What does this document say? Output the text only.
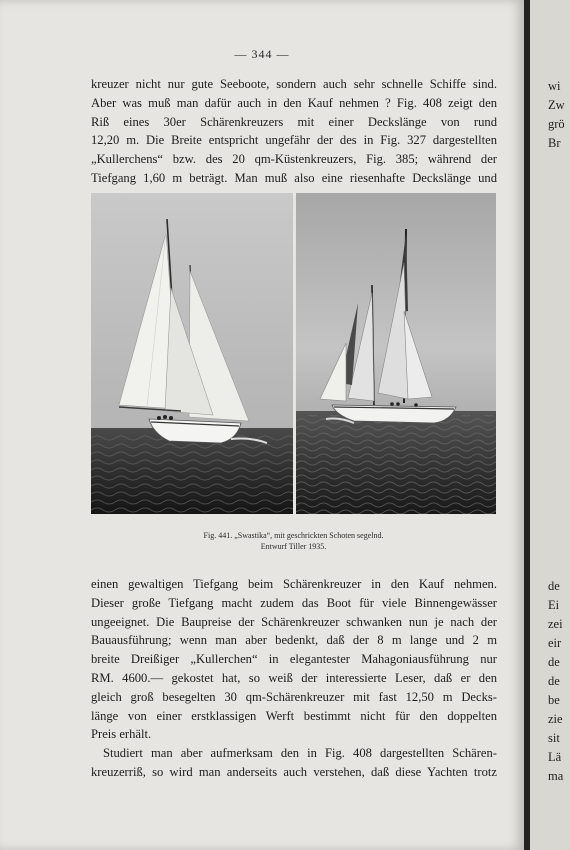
— 344 —
kreuzer nicht nur gute Seeboote, sondern auch sehr schnelle Schiffe sind.
Aber was muß man dafür auch in den Kauf nehmen ? Fig. 408 zeigt den
Riß eines 30er Schärenkreuzers mit einer Deckslänge von rund
12,20 m. Die Breite entspricht ungefähr der des in Fig. 327 dargestellten
„Kullerchens“ bzw. des 20 qm-Küstenkreuzers, Fig. 385; während der
Tiefgang 1,60 m beträgt. Man muß also eine riesenhafte Deckslänge und
Fig. 441. „Swastika“, mit geschrickten Schoten segelnd.
Entwurf Tiller 1935.
einen gewaltigen Tiefgang beim Schärenkreuzer in den Kauf nehmen.
Dieser große Tiefgang macht zudem das Boot für viele Binnengewässer
ungeeignet. Die Baupreise der Schärenkreuzer schwanken nun je nach der
Bauausführung; wenn man aber bedenkt, daß der 8 m lange und 2 m
breite Dreißiger „Kullerchen“ in elegantester Mahagoniausführung nur
RM. 4600.— gekostet hat, so weiß der interessierte Leser, daß er den
gleich groß besegelten 30 qm-Schärenkreuzer mit fast 12,50 m Decks-
länge von einer erstklassigen Werft bestimmt nicht für den doppelten
Preis erhält.
Studiert man aber aufmerksam den in Fig. 408 dargestellten Schären-
kreuzerriß, so wird man anderseits auch verstehen, daß diese Yachten trotz
wi
Zw
grö
Br
de
Ei
zei
eir
de
de
be
zie
sit
Lä
ma
